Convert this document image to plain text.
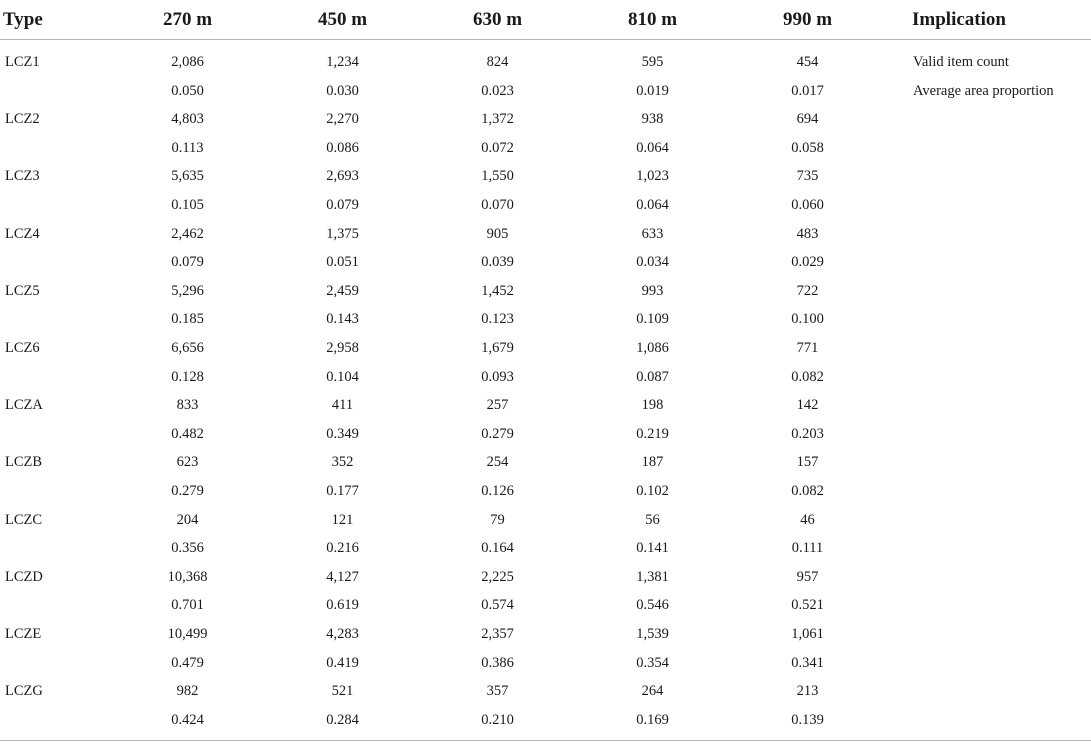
Type	270 m	450 m	630 m	810 m	990 m	Implication
LCZ1	2,086	1,234	824	595	454	Valid item count
	0.050	0.030	0.023	0.019	0.017	Average area proportion
LCZ2	4,803	2,270	1,372	938	694	
	0.113	0.086	0.072	0.064	0.058	
LCZ3	5,635	2,693	1,550	1,023	735	
	0.105	0.079	0.070	0.064	0.060	
LCZ4	2,462	1,375	905	633	483	
	0.079	0.051	0.039	0.034	0.029	
LCZ5	5,296	2,459	1,452	993	722	
	0.185	0.143	0.123	0.109	0.100	
LCZ6	6,656	2,958	1,679	1,086	771	
	0.128	0.104	0.093	0.087	0.082	
LCZA	833	411	257	198	142	
	0.482	0.349	0.279	0.219	0.203	
LCZB	623	352	254	187	157	
	0.279	0.177	0.126	0.102	0.082	
LCZC	204	121	79	56	46	
	0.356	0.216	0.164	0.141	0.111	
LCZD	10,368	4,127	2,225	1,381	957	
	0.701	0.619	0.574	0.546	0.521	
LCZE	10,499	4,283	2,357	1,539	1,061	
	0.479	0.419	0.386	0.354	0.341	
LCZG	982	521	357	264	213	
	0.424	0.284	0.210	0.169	0.139	
